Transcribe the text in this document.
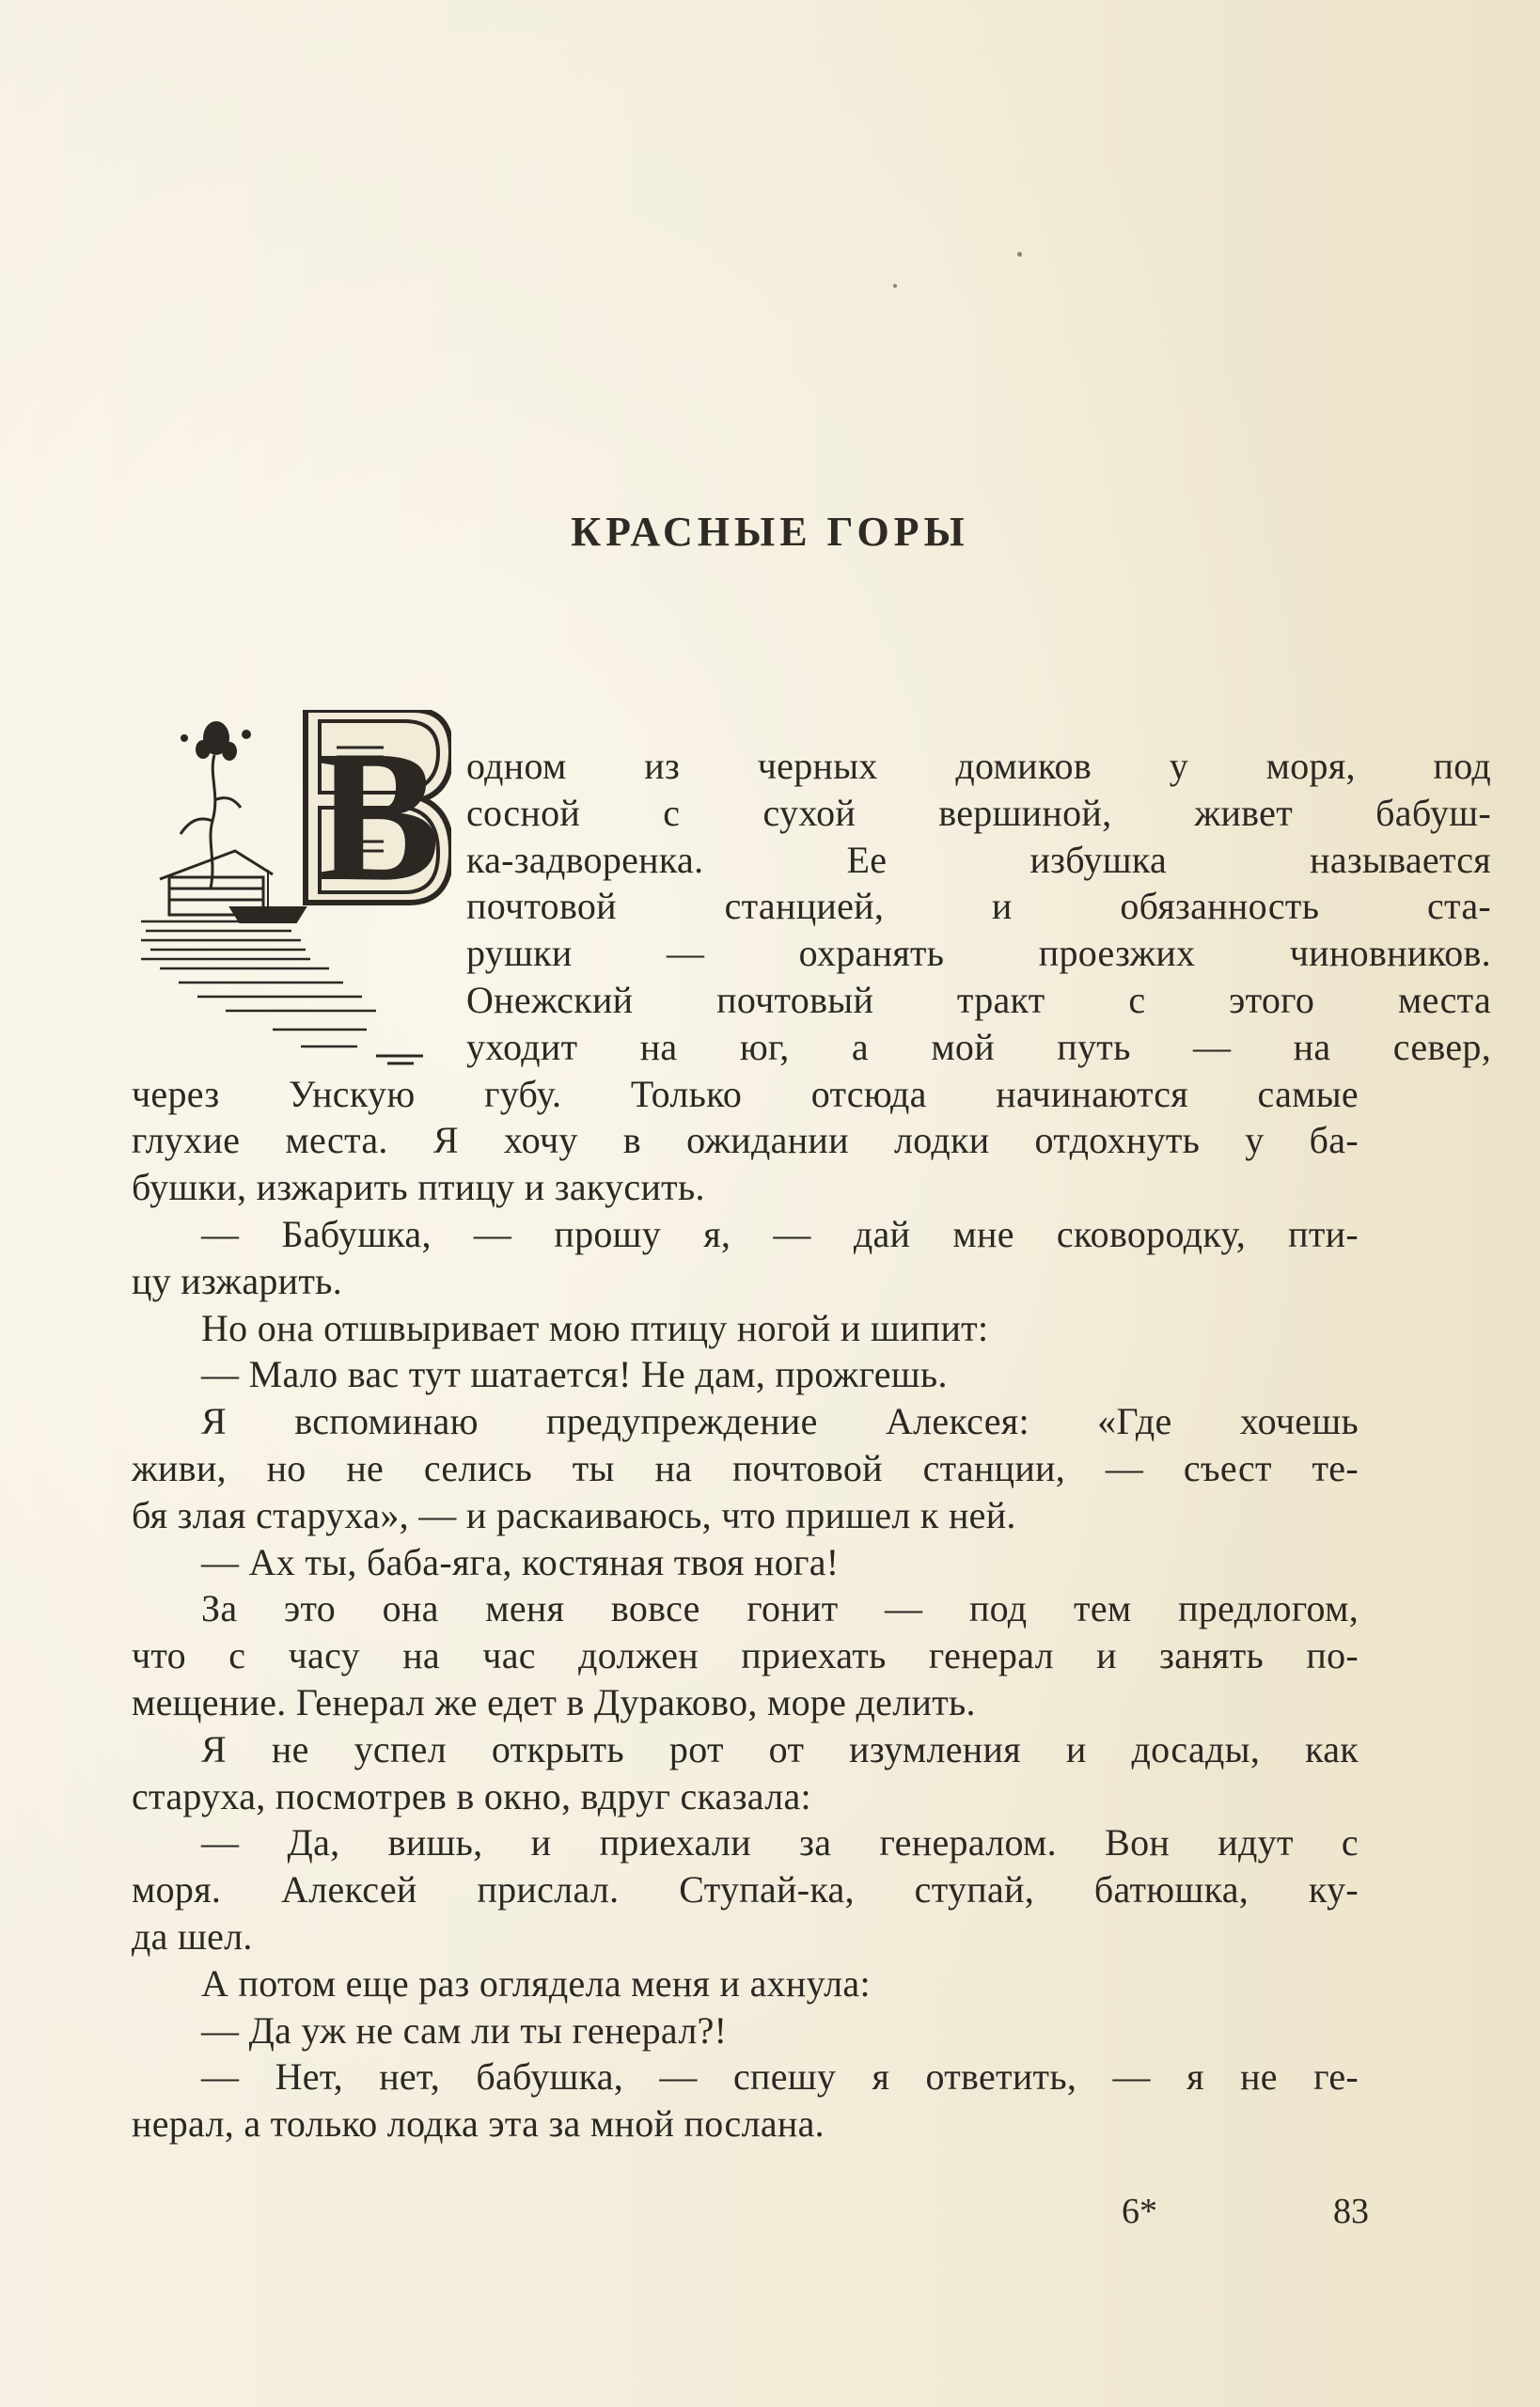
КРАСНЫЕ ГОРЫ
В одном из черных домиков у моря, под
сосной с сухой вершиной, живет бабуш-
ка-задворенка. Ее избушка называется
почтовой станцией, и обязанность ста-
рушки — охранять проезжих чиновников.
Онежский почтовый тракт с этого места
уходит на юг, а мой путь — на север,
через Унскую губу. Только отсюда начинаются самые
глухие места. Я хочу в ожидании лодки отдохнуть у ба-
бушки, изжарить птицу и закусить.
— Бабушка, — прошу я, — дай мне сковородку, пти-
цу изжарить.
Но она отшвыривает мою птицу ногой и шипит:
— Мало вас тут шатается! Не дам, прожгешь.
Я вспоминаю предупреждение Алексея: «Где хочешь
живи, но не селись ты на почтовой станции, — съест те-
бя злая старуха», — и раскаиваюсь, что пришел к ней.
— Ах ты, баба-яга, костяная твоя нога!
За это она меня вовсе гонит — под тем предлогом,
что с часу на час должен приехать генерал и занять по-
мещение. Генерал же едет в Дураково, море делить.
Я не успел открыть рот от изумления и досады, как
старуха, посмотрев в окно, вдруг сказала:
— Да, вишь, и приехали за генералом. Вон идут с
моря. Алексей прислал. Ступай-ка, ступай, батюшка, ку-
да шел.
А потом еще раз оглядела меня и ахнула:
— Да уж не сам ли ты генерал?!
— Нет, нет, бабушка, — спешу я ответить, — я не ге-
нерал, а только лодка эта за мной послана.
6*	83
